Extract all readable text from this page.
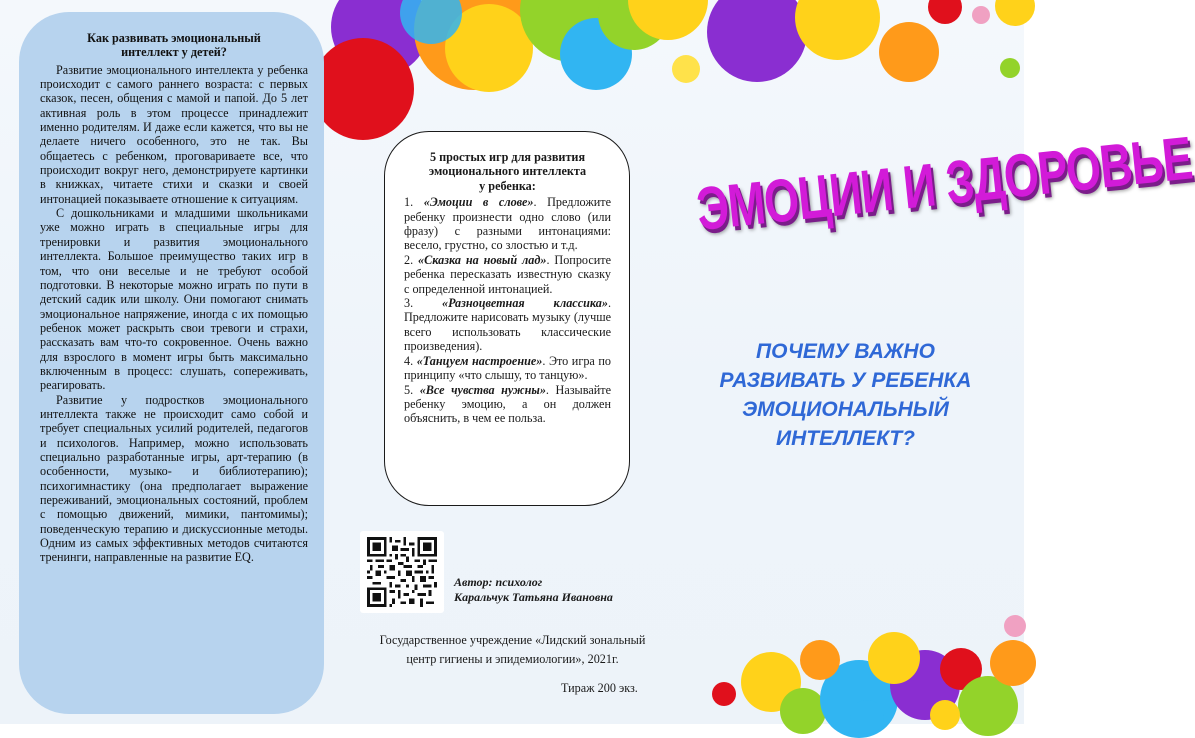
Как развивать эмоциональный
интеллект у детей?

Развитие эмоционального интеллекта у ребенка происходит с самого раннего возраста: с первых сказок, песен, общения с мамой и папой. До 5 лет активная роль в этом процессе принадлежит именно родителям. И даже если кажется, что вы не делаете ничего особенного, это не так. Вы общаетесь с ребенком, проговариваете все, что происходит вокруг него, демонстрируете картинки в книжках, читаете стихи и сказки и своей интонацией показываете отношение к ситуациям.

С дошкольниками и младшими школьниками уже можно играть в специальные игры для тренировки и развития эмоционального интеллекта. Большое преимущество таких игр в том, что они веселые и не требуют особой подготовки. В некоторые можно играть по пути в детский садик или школу. Они помогают снимать эмоциональное напряжение, иногда с их помощью ребенок может раскрыть свои тревоги и страхи, рассказать вам что-то сокровенное. Очень важно для взрослого в момент игры быть максимально включенным в процесс: слушать, сопереживать, реагировать.

Развитие у подростков эмоционального интеллекта также не происходит само собой и требует специальных усилий родителей, педагогов и психологов. Например, можно использовать специально разработанные игры, арт-терапию (в особенности, музыко- и библиотерапию); психогимнастику (она предполагает выражение переживаний, эмоциональных состояний, проблем с помощью движений, мимики, пантомимы); поведенческую терапию и дискуссионные методы. Одним из самых эффективных методов считаются тренинги, направленные на развитие EQ.

5 простых игр для развития
эмоционального интеллекта
у ребенка:

1. «Эмоции в слове». Предложите ребенку произнести одно слово (или фразу) с разными интонациями: весело, грустно, со злостью и т.д.

2. «Сказка на новый лад». Попросите ребенка пересказать известную сказку с определенной интонацией.

3. «Разноцветная классика». Предложите нарисовать музыку (лучше всего использовать классические произведения).

4. «Танцуем настроение». Это игра по принципу «что слышу, то танцую».

5. «Все чувства нужны». Называйте ребенку эмоцию, а он должен объяснить, в чем ее польза.

Автор: психолог
Каральчук Татьяна Ивановна
Государственное учреждение «Лидский зональный
центр гигиены и эпидемиологии», 2021г.
Тираж 200 экз.
ЭМОЦИИ И ЗДОРОВЬЕ
ПОЧЕМУ ВАЖНО
РАЗВИВАТЬ У РЕБЕНКА
ЭМОЦИОНАЛЬНЫЙ
ИНТЕЛЛЕКТ?
